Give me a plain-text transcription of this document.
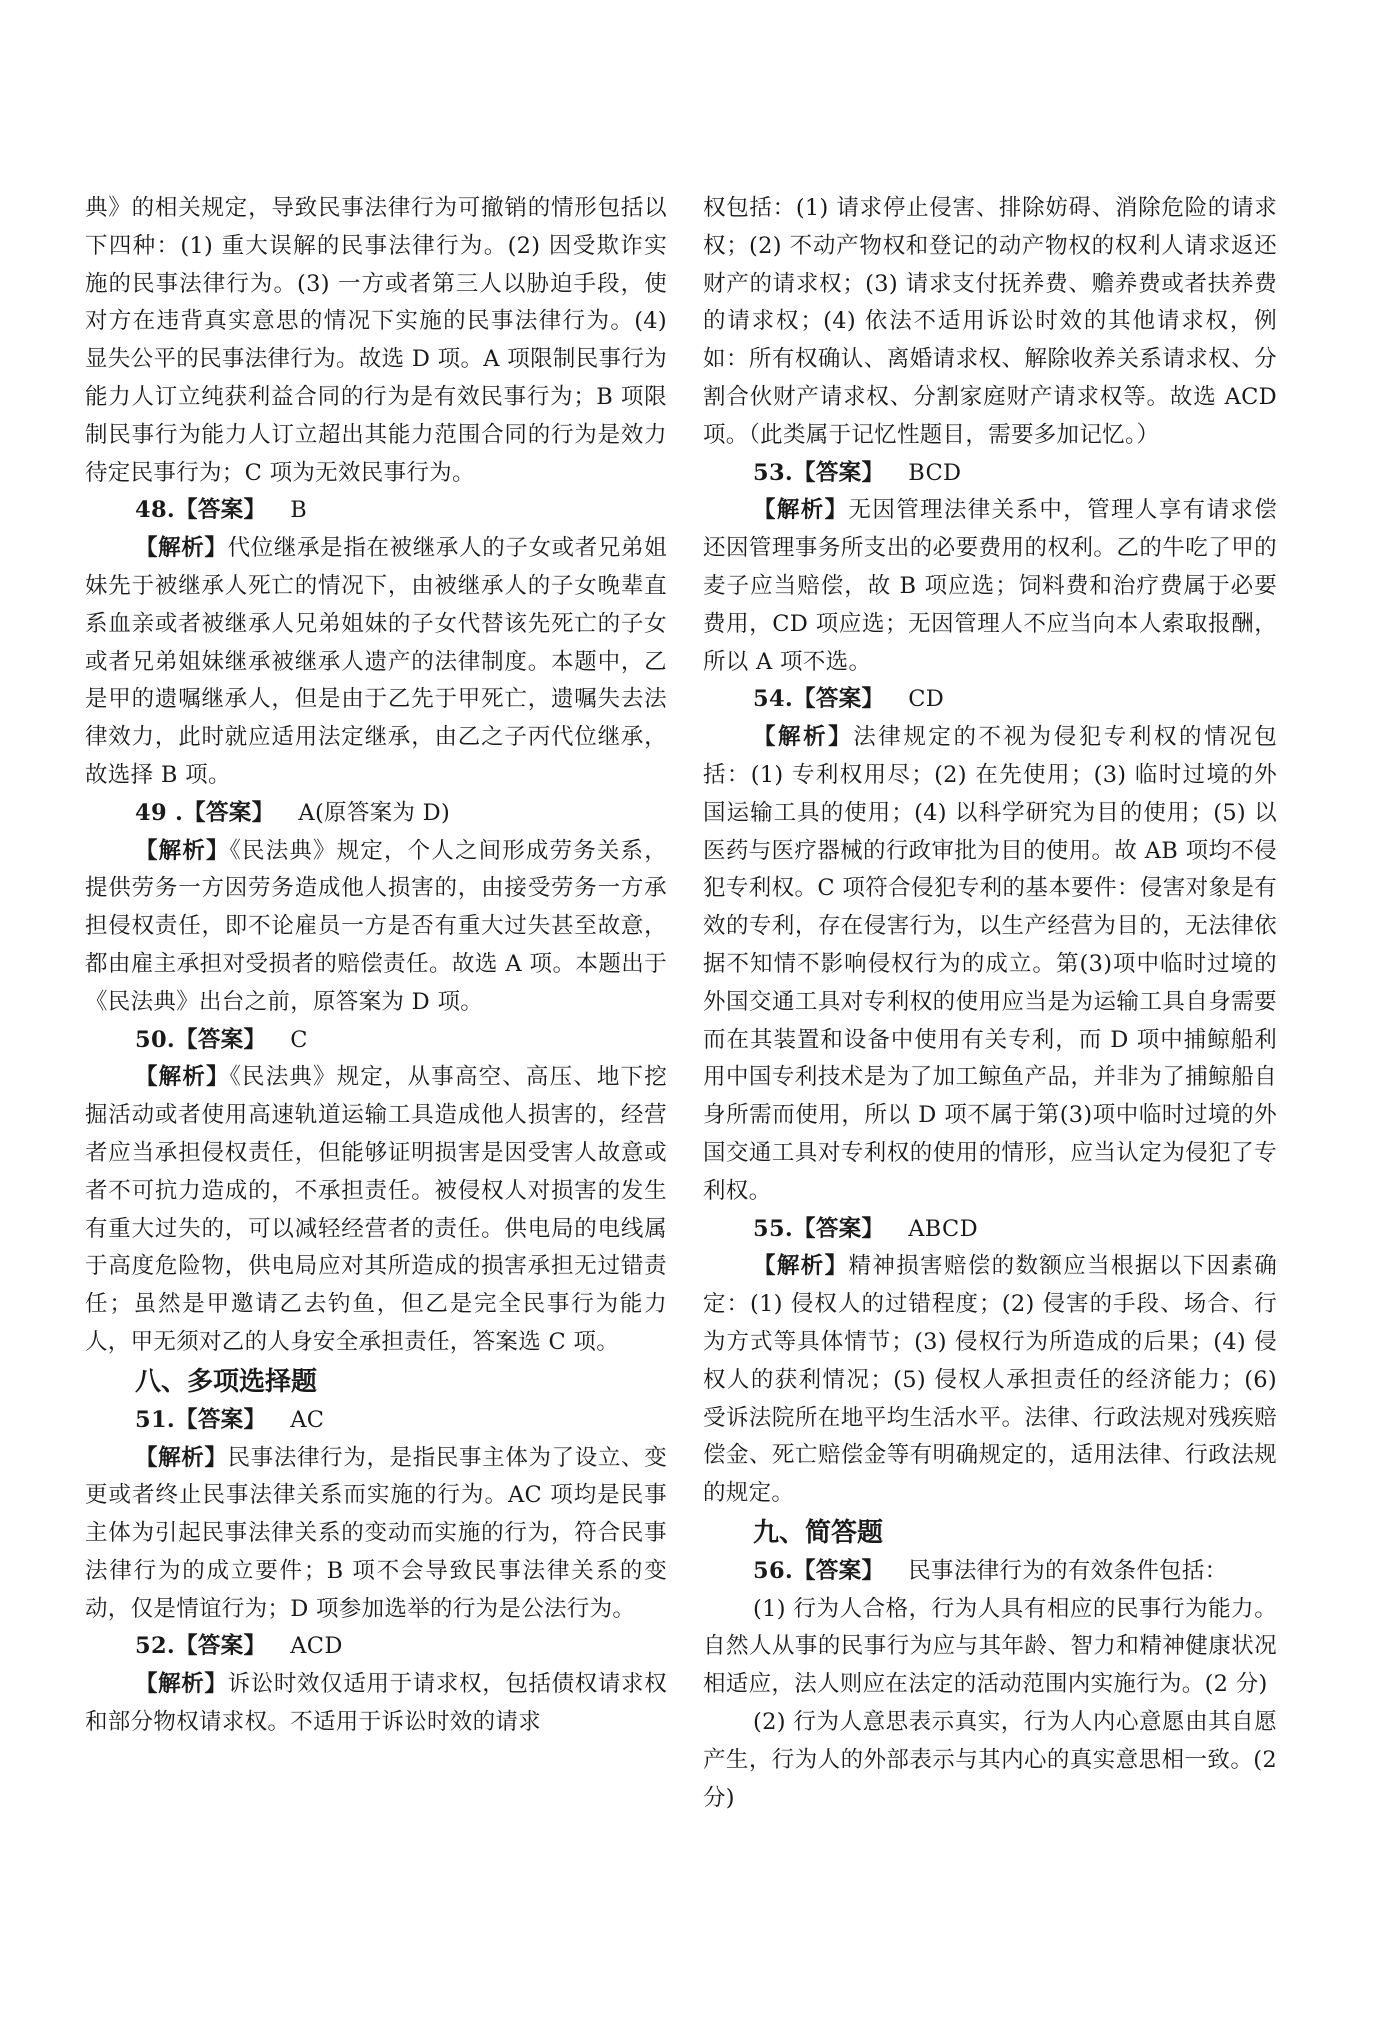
典》的相关规定，导致民事法律行为可撤销的情形包括以下四种：(1) 重大误解的民事法律行为。(2) 因受欺诈实施的民事法律行为。(3) 一方或者第三人以胁迫手段，使对方在违背真实意思的情况下实施的民事法律行为。(4) 显失公平的民事法律行为。故选 D 项。A 项限制民事行为能力人订立纯获利益合同的行为是有效民事行为；B 项限制民事行为能力人订立超出其能力范围合同的行为是效力待定民事行为；C 项为无效民事行为。

48.【答案】 B

【解析】代位继承是指在被继承人的子女或者兄弟姐妹先于被继承人死亡的情况下，由被继承人的子女晚辈直系血亲或者被继承人兄弟姐妹的子女代替该先死亡的子女或者兄弟姐妹继承被继承人遗产的法律制度。本题中，乙是甲的遗嘱继承人，但是由于乙先于甲死亡，遗嘱失去法律效力，此时就应适用法定继承，由乙之子丙代位继承，故选择 B 项。

49 .【答案】 A(原答案为 D)

【解析】《民法典》规定，个人之间形成劳务关系，提供劳务一方因劳务造成他人损害的，由接受劳务一方承担侵权责任，即不论雇员一方是否有重大过失甚至故意，都由雇主承担对受损者的赔偿责任。故选 A 项。本题出于《民法典》出台之前，原答案为 D 项。

50.【答案】 C

【解析】《民法典》规定，从事高空、高压、地下挖掘活动或者使用高速轨道运输工具造成他人损害的，经营者应当承担侵权责任，但能够证明损害是因受害人故意或者不可抗力造成的，不承担责任。被侵权人对损害的发生有重大过失的，可以减轻经营者的责任。供电局的电线属于高度危险物，供电局应对其所造成的损害承担无过错责任；虽然是甲邀请乙去钓鱼，但乙是完全民事行为能力人，甲无须对乙的人身安全承担责任，答案选 C 项。

八、多项选择题

51.【答案】 AC

【解析】民事法律行为，是指民事主体为了设立、变更或者终止民事法律关系而实施的行为。AC 项均是民事主体为引起民事法律关系的变动而实施的行为，符合民事法律行为的成立要件；B 项不会导致民事法律关系的变动，仅是情谊行为；D 项参加选举的行为是公法行为。

52.【答案】 ACD

【解析】诉讼时效仅适用于请求权，包括债权请求权和部分物权请求权。不适用于诉讼时效的请求

权包括：(1) 请求停止侵害、排除妨碍、消除危险的请求权；(2) 不动产物权和登记的动产物权的权利人请求返还财产的请求权；(3) 请求支付抚养费、赡养费或者扶养费的请求权；(4) 依法不适用诉讼时效的其他请求权，例如：所有权确认、离婚请求权、解除收养关系请求权、分割合伙财产请求权、分割家庭财产请求权等。故选 ACD 项。（此类属于记忆性题目，需要多加记忆。）

53.【答案】 BCD

【解析】无因管理法律关系中，管理人享有请求偿还因管理事务所支出的必要费用的权利。乙的牛吃了甲的麦子应当赔偿，故 B 项应选；饲料费和治疗费属于必要费用，CD 项应选；无因管理人不应当向本人索取报酬，所以 A 项不选。

54.【答案】 CD

【解析】法律规定的不视为侵犯专利权的情况包括：(1) 专利权用尽；(2) 在先使用；(3) 临时过境的外国运输工具的使用；(4) 以科学研究为目的使用；(5) 以医药与医疗器械的行政审批为目的使用。故 AB 项均不侵犯专利权。C 项符合侵犯专利的基本要件：侵害对象是有效的专利，存在侵害行为，以生产经营为目的，无法律依据不知情不影响侵权行为的成立。第(3)项中临时过境的外国交通工具对专利权的使用应当是为运输工具自身需要而在其装置和设备中使用有关专利，而 D 项中捕鲸船利用中国专利技术是为了加工鲸鱼产品，并非为了捕鲸船自身所需而使用，所以 D 项不属于第(3)项中临时过境的外国交通工具对专利权的使用的情形，应当认定为侵犯了专利权。

55.【答案】 ABCD

【解析】精神损害赔偿的数额应当根据以下因素确定：(1) 侵权人的过错程度；(2) 侵害的手段、场合、行为方式等具体情节；(3) 侵权行为所造成的后果；(4) 侵权人的获利情况；(5) 侵权人承担责任的经济能力；(6) 受诉法院所在地平均生活水平。法律、行政法规对残疾赔偿金、死亡赔偿金等有明确规定的，适用法律、行政法规的规定。

九、简答题

56.【答案】 民事法律行为的有效条件包括：

(1) 行为人合格，行为人具有相应的民事行为能力。自然人从事的民事行为应与其年龄、智力和精神健康状况相适应，法人则应在法定的活动范围内实施行为。(2 分)

(2) 行为人意思表示真实，行为人内心意愿由其自愿产生，行为人的外部表示与其内心的真实意思相一致。(2 分)
